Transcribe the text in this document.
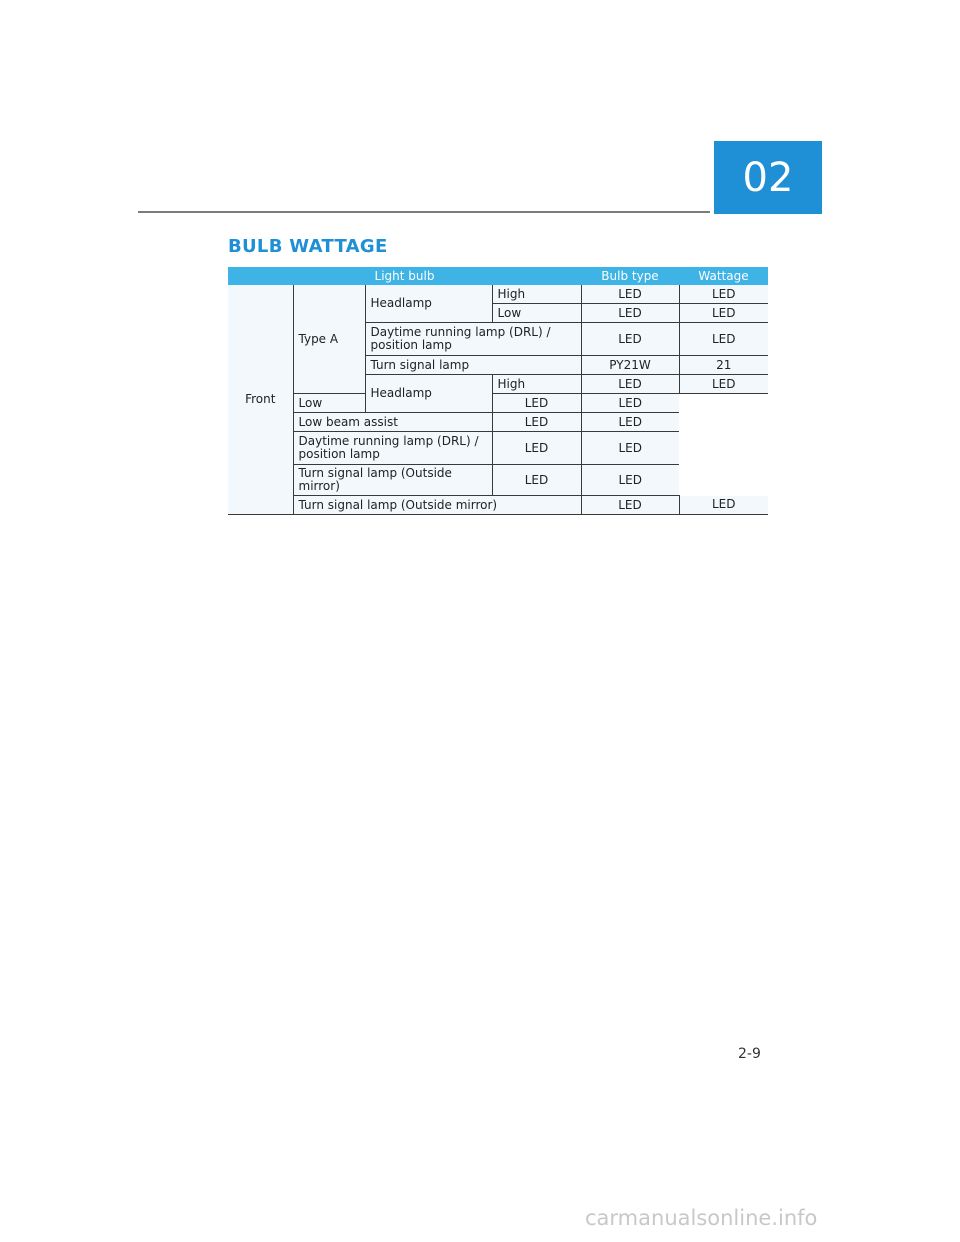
02
BULB WATTAGE
Light bulb				Bulb type	Wattage
Front	Type A	Headlamp	High	LED	LED
			Low	LED	LED
		Daytime running lamp (DRL) / position lamp		LED	LED
		Turn signal lamp		PY21W	21
		Headlamp	High	LED	LED
	Low		LED	LED	
	Low beam assist		LED	LED	
	Daytime running lamp (DRL) / position lamp		LED	LED	
	Turn signal lamp (Outside mirror)		LED	LED	
	Turn signal lamp (Outside mirror)			LED	LED
2-9
carmanualsonline.info
